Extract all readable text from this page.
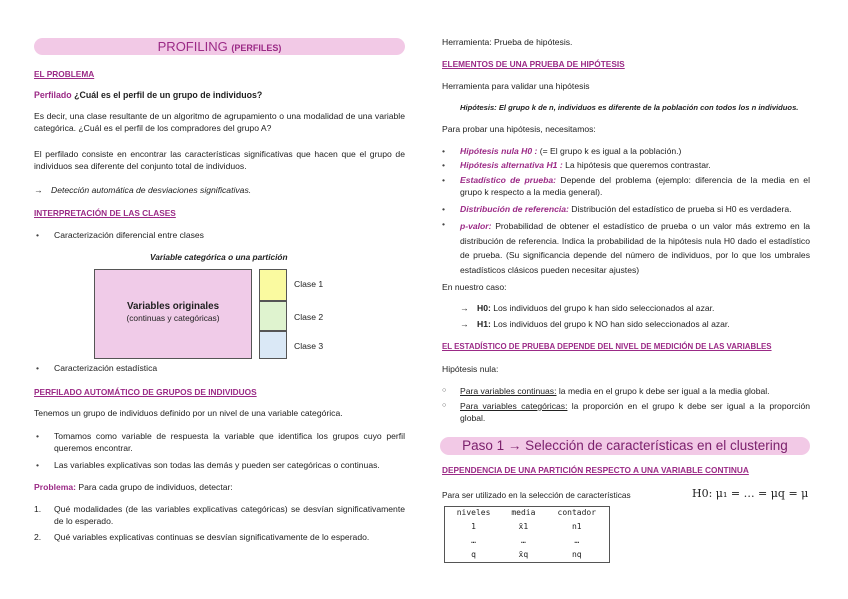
PROFILING (PERFILES)
EL PROBLEMA
Perfilado ¿Cuál es el perfil de un grupo de individuos?
Es decir, una clase resultante de un algoritmo de agrupamiento o una modalidad de una variable categórica. ¿Cuál es el perfil de los compradores del grupo A?
El perfilado consiste en encontrar las características significativas que hacen que el grupo de individuos sea diferente del conjunto total de individuos.
→ Detección automática de desviaciones significativas.
INTERPRETACIÓN DE LAS CLASES
• Caracterización diferencial entre clases
Variable categórica o una partición
Variables originales
(continuas y categóricas)
Clase 1
Clase 2
Clase 3
• Caracterización estadística
PERFILADO AUTOMÁTICO DE GRUPOS DE INDIVIDUOS
Tenemos un grupo de individuos definido por un nivel de una variable categórica.
• Tomamos como variable de respuesta la variable que identifica los grupos cuyo perfil queremos encontrar.
• Las variables explicativas son todas las demás y pueden ser categóricas o continuas.
Problema: Para cada grupo de individuos, detectar:
1. Qué modalidades (de las variables explicativas categóricas) se desvían significativamente de lo esperado.
2. Qué variables explicativas continuas se desvían significativamente de lo esperado.
Herramienta: Prueba de hipótesis.
ELEMENTOS DE UNA PRUEBA DE HIPÓTESIS
Herramienta para validar una hipótesis
Hipótesis: El grupo k de n, individuos es diferente de la población con todos los n individuos.
Para probar una hipótesis, necesitamos:
• Hipótesis nula H0 : (= El grupo k es igual a la población.)
• Hipótesis alternativa H1 : La hipótesis que queremos contrastar.
• Estadístico de prueba: Depende del problema (ejemplo: diferencia de la media en el grupo k respecto a la media general).
• Distribución de referencia: Distribución del estadístico de prueba si H0 es verdadera.
• p-valor: Probabilidad de obtener el estadístico de prueba o un valor más extremo en la distribución de referencia. Indica la probabilidad de la hipótesis nula H0 dado el estadístico de prueba. (Su significancia depende del número de individuos, por lo que los umbrales estadísticos clásicos pueden necesitar ajustes)
En nuestro caso:
→ H0: Los individuos del grupo k han sido seleccionados al azar.
→ H1: Los individuos del grupo k NO han sido seleccionados al azar.
EL ESTADÍSTICO DE PRUEBA DEPENDE DEL NIVEL DE MEDICIÓN DE LAS VARIABLES
Hipótesis nula:
○ Para variables continuas: la media en el grupo k debe ser igual a la media global.
○ Para variables categóricas: la proporción en el grupo k debe ser igual a la proporción global.
Paso 1 → Selección de características en el clustering
DEPENDENCIA DE UNA PARTICIÓN RESPECTO A UNA VARIABLE CONTINUA
Para ser utilizado en la selección de características	H0: μ₁ = … = μq = μ
niveles	media	contador
1	x̄1	n1
…	…	…
q	x̄q	nq
